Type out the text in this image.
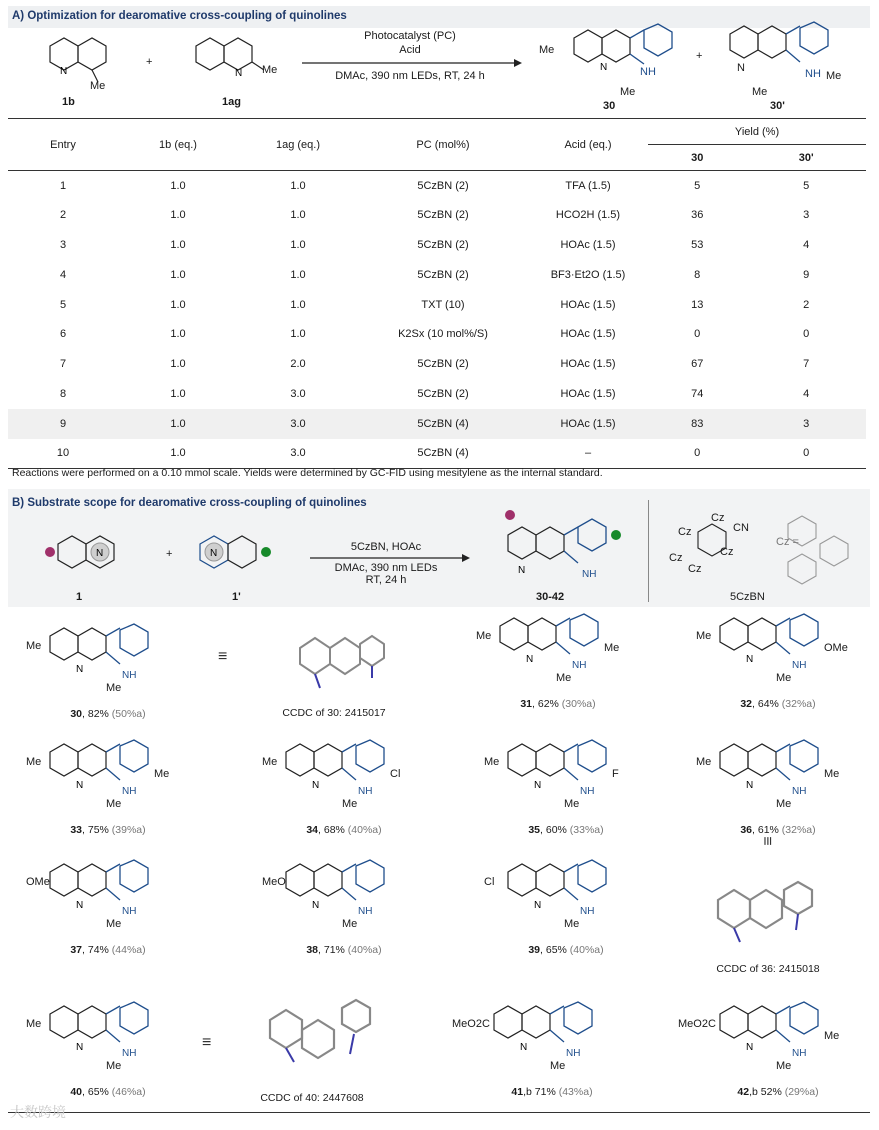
A) Optimization for dearomative cross-coupling of quinolines
N
Me
1b
+
N Me
1ag
Photocatalyst (PC)
Acid
DMAc, 390 nm LEDs, RT, 24 h
N
Me
NH
Me
30
+
N	NH Me
Me
30'
Entry	1b (eq.)	1ag (eq.)	PC (mol%)	Acid (eq.)	Yield (%)	
					30	30'
1	1.0	1.0	5CzBN (2)	TFA (1.5)	5	5
2	1.0	1.0	5CzBN (2)	HCO2H (1.5)	36	3
3	1.0	1.0	5CzBN (2)	HOAc (1.5)	53	4
4	1.0	1.0	5CzBN (2)	BF3·Et2O (1.5)	8	9
5	1.0	1.0	TXT (10)	HOAc (1.5)	13	2
6	1.0	1.0	K2Sx (10 mol%/S)	HOAc (1.5)	0	0
7	1.0	2.0	5CzBN (2)	HOAc (1.5)	67	7
8	1.0	3.0	5CzBN (2)	HOAc (1.5)	74	4
9	1.0	3.0	5CzBN (4)	HOAc (1.5)	83	3
10	1.0	3.0	5CzBN (4)	–	0	0
Reactions were performed on a 0.10 mmol scale. Yields were determined by GC-FID using mesitylene as the internal standard.
B) Substrate scope for dearomative cross-coupling of quinolines
N
1
+	N
1'
5CzBN, HOAc
DMAc, 390 nm LEDs
RT, 24 h
N	NH
30-42
Cz
CN
Cz
Cz
Cz
Cz
Cz =
5CzBN
N
NH
Me
Me
30, 82% (50%a)
N
NH
Me
Me
Me
31, 62% (30%a)
N
NH
Me
OMe
Me
32, 64% (32%a)
N
NH
Me
Me
Me
33, 75% (39%a)
N
NH
Me
Cl
Me
34, 68% (40%a)
N
NH
Me
F
Me
35, 60% (33%a)
N
NH
Me
Me
Me
36, 61% (32%a)
N
NH
OMe
Me
37, 74% (44%a)
N
NH
MeO
Me
38, 71% (40%a)
N
NH
Cl
Me
39, 65% (40%a)
N
NH
Me
Me
40, 65% (46%a)
N
NH
MeO2C
Me
41,b 71% (43%a)
N
NH
MeO2C
Me
Me
42,b 52% (29%a)
CCDC of 30: 2415017
≡
CCDC of 36: 2415018
≡
CCDC of 40: 2447608
≡
大数跨境
